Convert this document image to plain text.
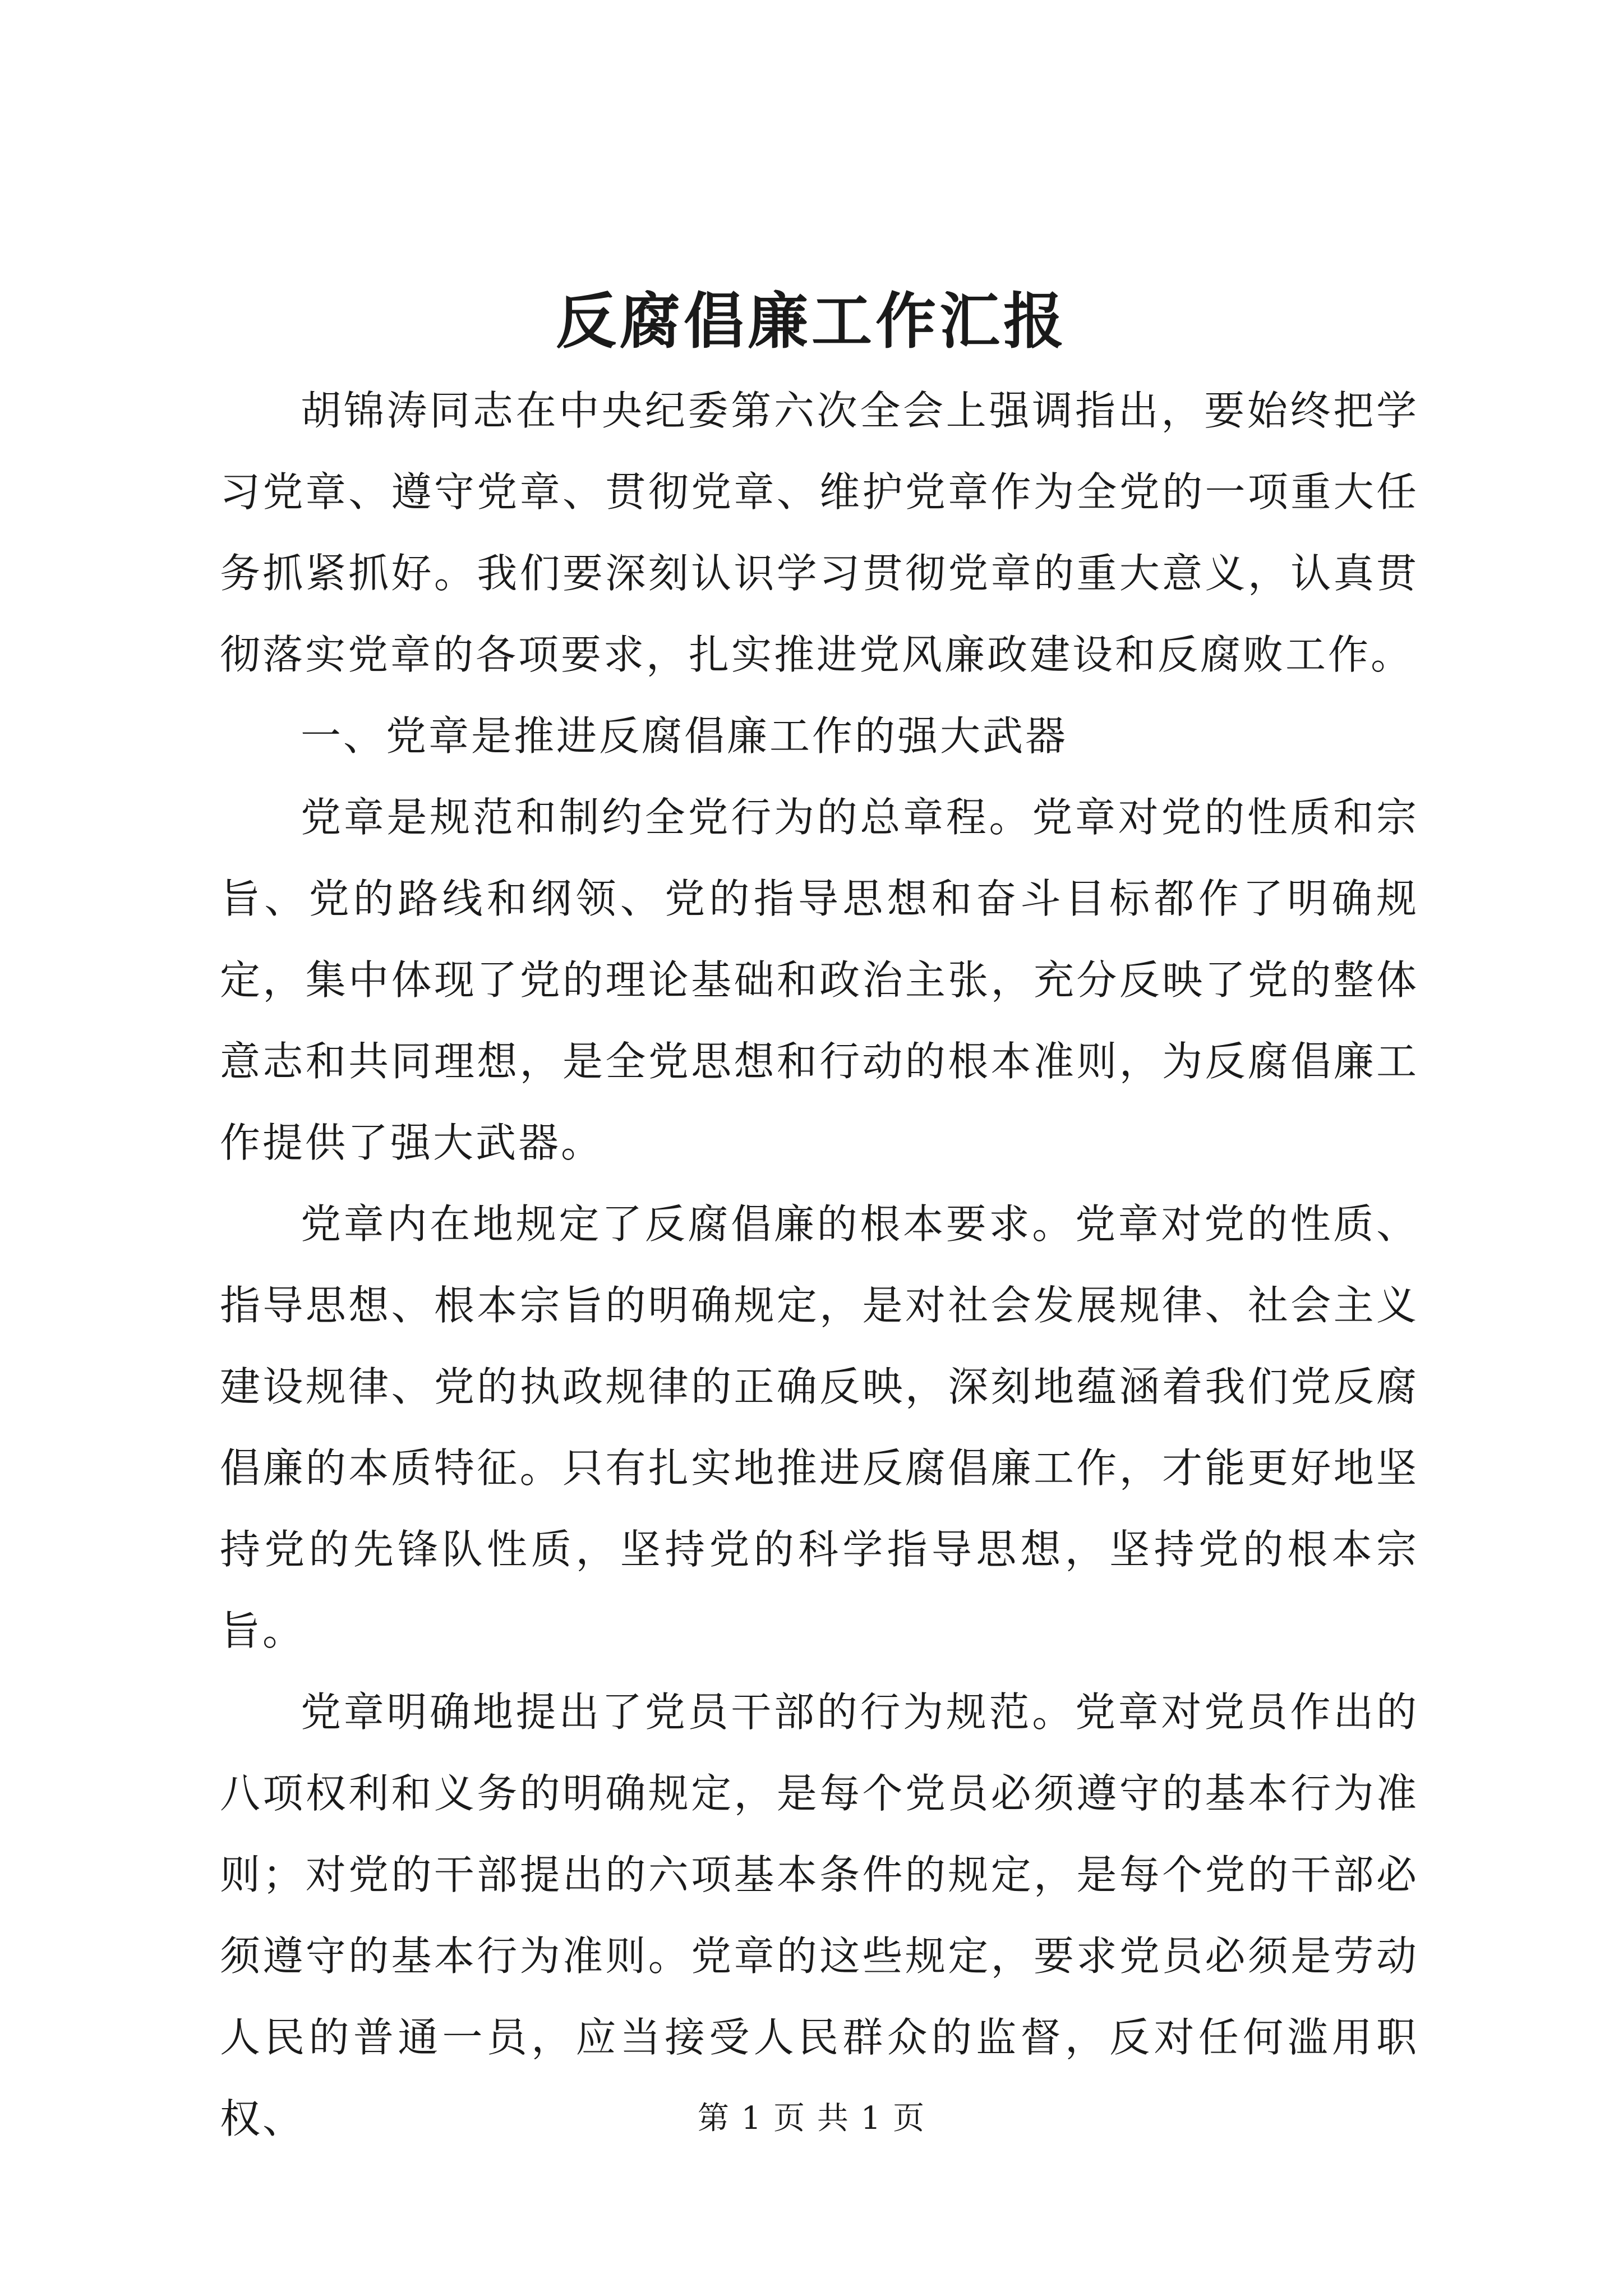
反腐倡廉工作汇报

胡锦涛同志在中央纪委第六次全会上强调指出，要始终把学习党章、遵守党章、贯彻党章、维护党章作为全党的一项重大任务抓紧抓好。我们要深刻认识学习贯彻党章的重大意义，认真贯彻落实党章的各项要求，扎实推进党风廉政建设和反腐败工作。

一、党章是推进反腐倡廉工作的强大武器

党章是规范和制约全党行为的总章程。党章对党的性质和宗旨、党的路线和纲领、党的指导思想和奋斗目标都作了明确规定，集中体现了党的理论基础和政治主张，充分反映了党的整体意志和共同理想，是全党思想和行动的根本准则，为反腐倡廉工作提供了强大武器。

党章内在地规定了反腐倡廉的根本要求。党章对党的性质、指导思想、根本宗旨的明确规定，是对社会发展规律、社会主义建设规律、党的执政规律的正确反映，深刻地蕴涵着我们党反腐倡廉的本质特征。只有扎实地推进反腐倡廉工作，才能更好地坚持党的先锋队性质，坚持党的科学指导思想，坚持党的根本宗旨。

党章明确地提出了党员干部的行为规范。党章对党员作出的八项权利和义务的明确规定，是每个党员必须遵守的基本行为准则；对党的干部提出的六项基本条件的规定，是每个党的干部必须遵守的基本行为准则。党章的这些规定，要求党员必须是劳动人民的普通一员，应当接受人民群众的监督，反对任何滥用职权、	第 1 页 共 1 页
